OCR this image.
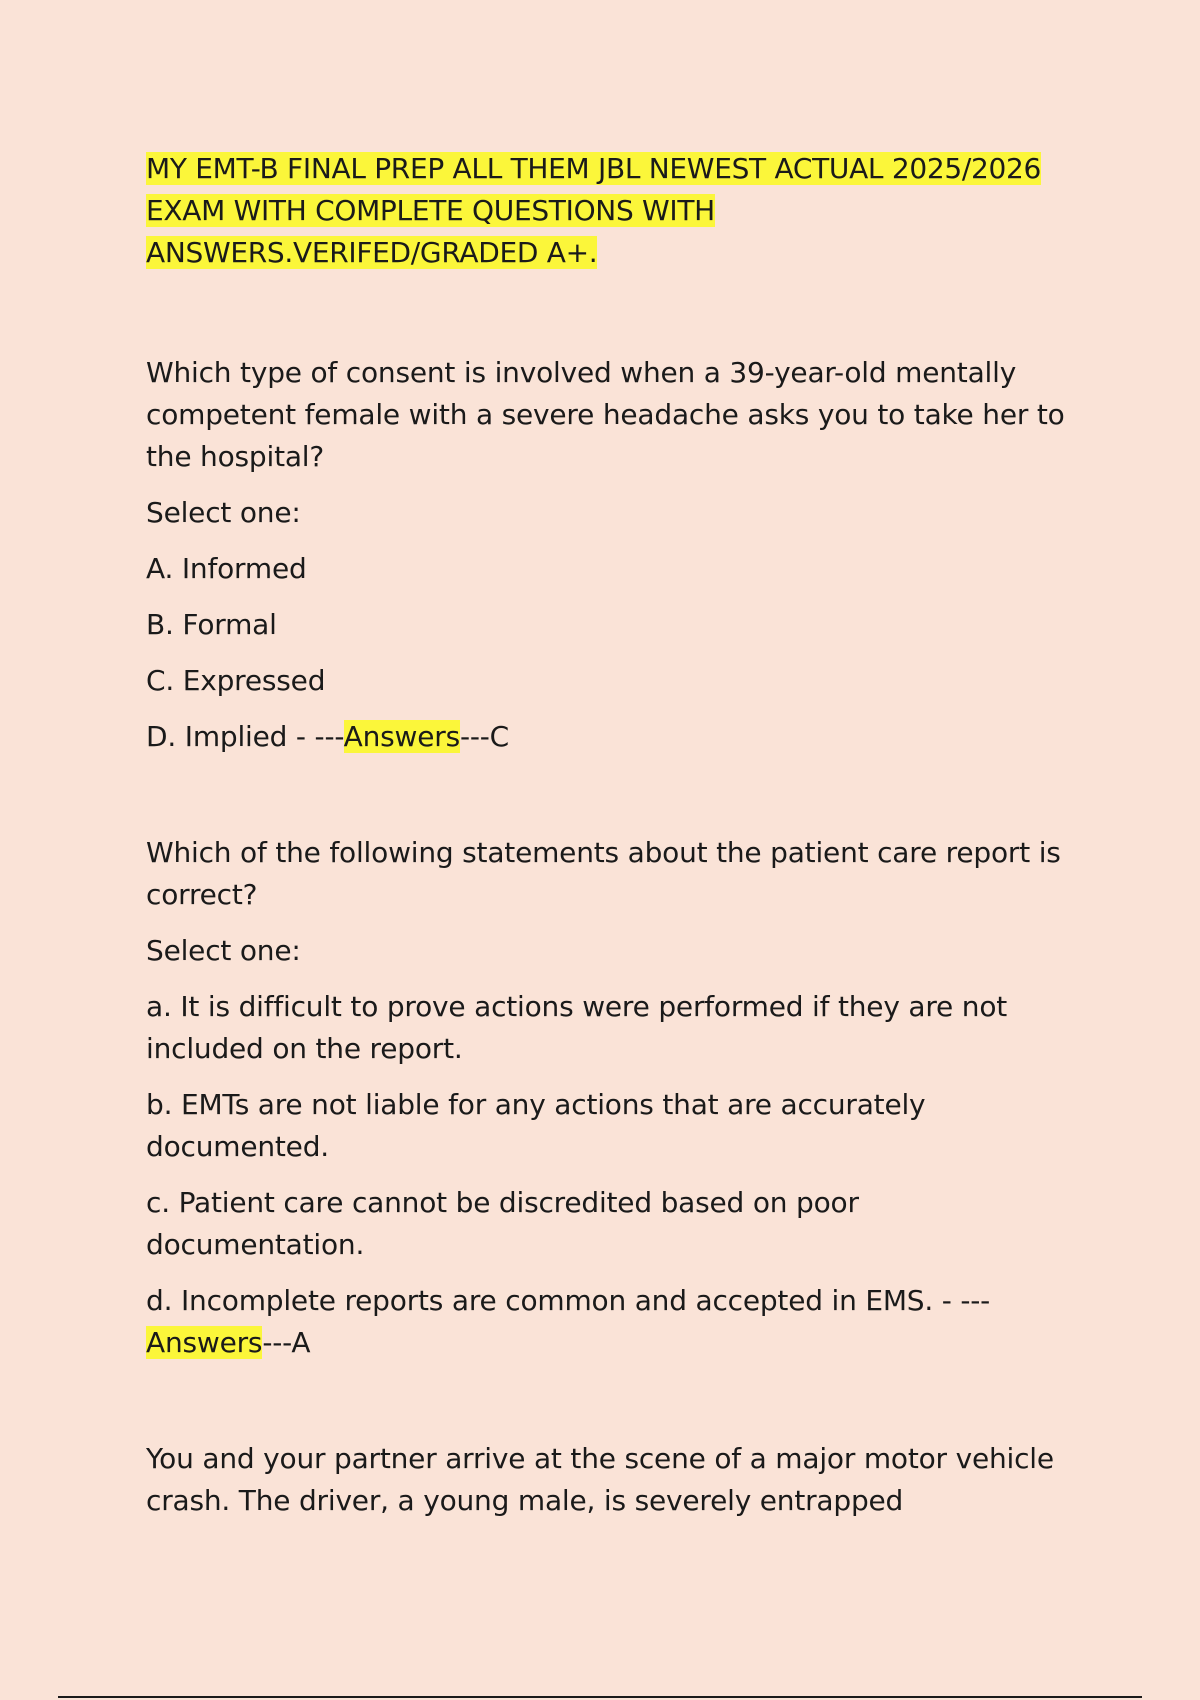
MY EMT-B FINAL PREP ALL THEM JBL NEWEST ACTUAL 2025/2026 EXAM WITH COMPLETE QUESTIONS WITH ANSWERS.VERIFED/GRADED A+.

Which type of consent is involved when a 39-year-old mentally competent female with a severe headache asks you to take her to the hospital?

Select one:

A. Informed

B. Formal

C. Expressed

D. Implied - ---Answers---C

Which of the following statements about the patient care report is correct?

Select one:

a. It is difficult to prove actions were performed if they are not included on the report.

b. EMTs are not liable for any actions that are accurately documented.

c. Patient care cannot be discredited based on poor documentation.

d. Incomplete reports are common and accepted in EMS. - --- Answers---A

You and your partner arrive at the scene of a major motor vehicle crash. The driver, a young male, is severely entrapped
